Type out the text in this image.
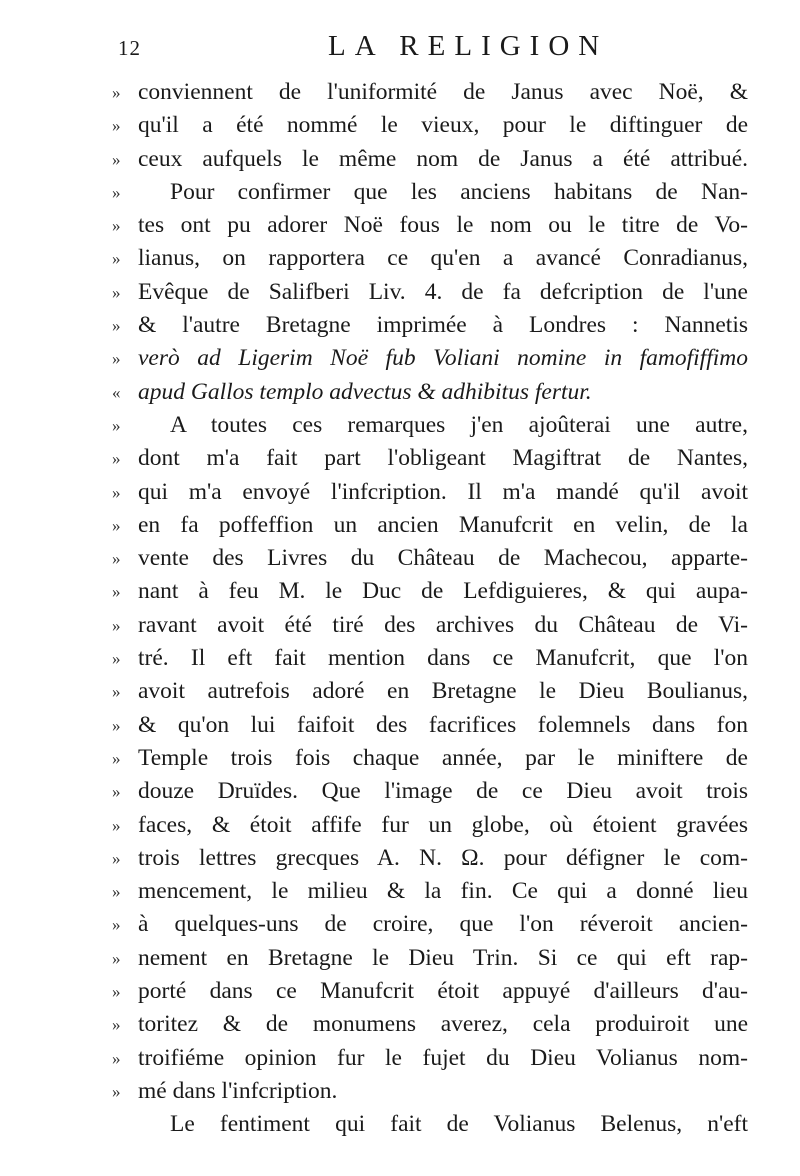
12	LA RELIGION
» conviennent de l'uniformité de Janus avec Noë, &
» qu'il a été nommé le vieux, pour le diftinguer de
» ceux aufquels le même nom de Janus a été attribué.
»	Pour confirmer que les anciens habitans de Nan-
» tes ont pu adorer Noë fous le nom ou le titre de Vo-
» lianus, on rapportera ce qu'en a avancé Conradianus,
» Evêque de Salifberi Liv. 4. de fa defcription de l'une
» & l'autre Bretagne imprimée à Londres : Nannetis
» verò ad Ligerim Noë fub Voliani nomine in famofiffimo
« apud Gallos templo advectus & adhibitus fertur.
»	A toutes ces remarques j'en ajoûterai une autre,
» dont m'a fait part l'obligeant Magiftrat de Nantes,
» qui m'a envoyé l'infcription. Il m'a mandé qu'il avoit
» en fa poffeffion un ancien Manufcrit en velin, de la
» vente des Livres du Château de Machecou, apparte-
» nant à feu M. le Duc de Lefdiguieres, & qui aupa-
» ravant avoit été tiré des archives du Château de Vi-
» tré. Il eft fait mention dans ce Manufcrit, que l'on
» avoit autrefois adoré en Bretagne le Dieu Boulianus,
» & qu'on lui faifoit des facrifices folemnels dans fon
» Temple trois fois chaque année, par le miniftere de
» douze Druïdes. Que l'image de ce Dieu avoit trois
» faces, & étoit affife fur un globe, où étoient gravées
» trois lettres grecques A. N. Ω. pour défigner le com-
» mencement, le milieu & la fin. Ce qui a donné lieu
» à quelques-uns de croire, que l'on réveroit ancien-
» nement en Bretagne le Dieu Trin. Si ce qui eft rap-
» porté dans ce Manufcrit étoit appuyé d'ailleurs d'au-
» toritez & de monumens averez, cela produiroit une
» troifiéme opinion fur le fujet du Dieu Volianus nom-
» mé dans l'infcription.
Le fentiment qui fait de Volianus Belenus, n'eft
